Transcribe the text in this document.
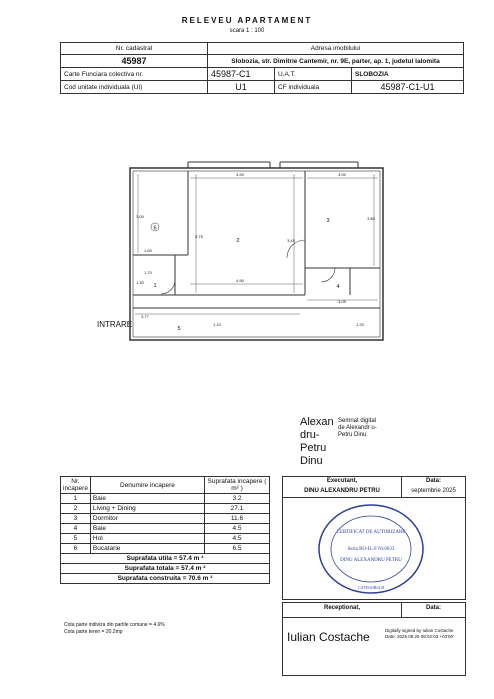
RELEVEU APARTAMENT
scara 1 : 100
Nr. cadastral	Adresa imobilului		
45987	Slobozia, str. Dimitrie Cantemir, nr. 9E, parter, ap. 1, judetul Ialomita		
Carte Funciara colectiva nr.	45987-C1	U.A.T.	SLOBOZIA
Cod unitate individuala (UI)	U1	CF individuala	45987-C1-U1
2
3
1	4
5
6
4.90	3.00
3.80
3.45
3.05
1.60
1.70
1.30	4.90
3.00
3.77
5.75
1.10	1.20
INTRARE
Alexan dru-Petru Dinu
Semnat digital de Alexandr u-Petru Dinu
Nr. incapere	Denumire incapere	Suprafata incapere ( m² )
1	Baie	3.2
2	Living + Dining	27.1
3	Dormitor	11.6
4	Baie	4.5
5	Hol	4.5
6	Bucatarie	6.5
Suprafata utila = 57.4 m ²		
Suprafata totala = 57.4 m ²		
Suprafata construita = 70.6 m ²		
Cota parte indiviza din partile comune = 4.6%
Cota parte teren = 20.2mp
Executant,	Data:
DINU ALEXANDRU PETRU	septembrie 2025
CERTIFICAT DE AUTORIZARE
Seria RO-IL-F Nr.0033
DINU ALEXANDRU PETRU
CATEGORIA B
Receptionat,	Data:
Iulian Costache	Digitally signed by Iulian Costache
Date: 2025.09.26 08:02:03 +03'00'
